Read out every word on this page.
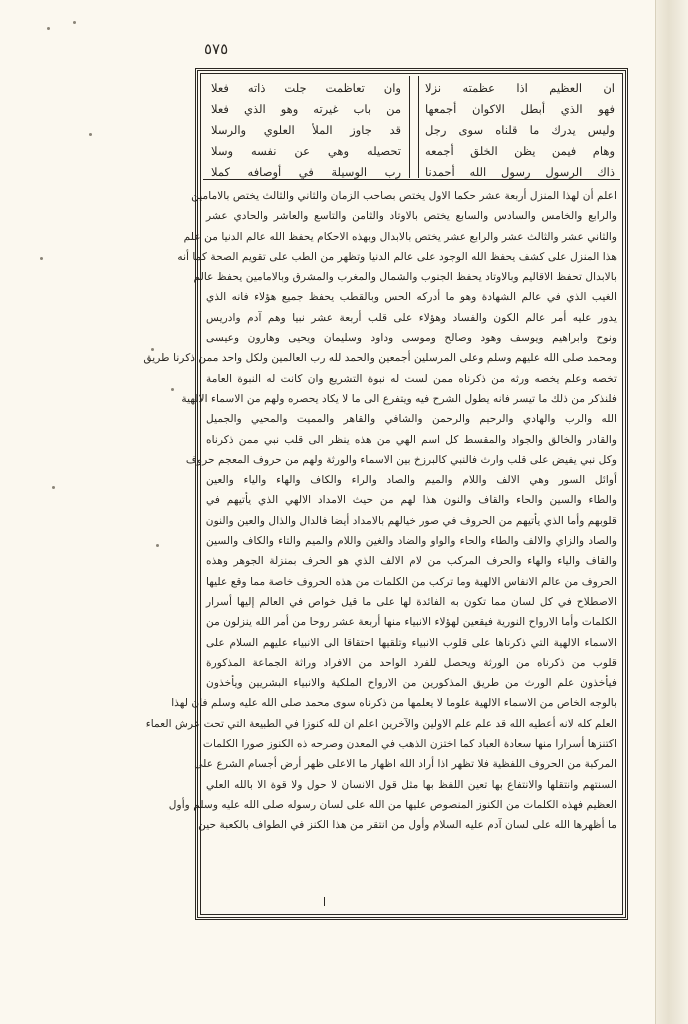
٥٧٥
ان العظيم اذا عظمته نزلا
فهو الذي أبطل الاكوان أجمعها
وليس يدرك ما قلناه سوى رجل
وهام فيمن يظن الخلق أجمعه
ذاك الرسول رسول الله أحمدنا
وان تعاظمت جلت ذاته فعلا
من باب غيرته وهو الذي فعلا
قد جاوز الملأ العلوي والرسلا
تحصيله وهي عن نفسه وسلا
رب الوسيلة في أوصافه كملا

اعلم أن لهذا المنزل أربعة عشر حكما الاول يختص بصاحب الزمان والثاني والثالث يختص بالامامين

والرابع والخامس والسادس والسابع يختص بالاوتاد والثامن والتاسع والعاشر والحادي عشر

والثاني عشر والثالث عشر والرابع عشر يختص بالابدال وبهذه الاحكام يحفظ الله عالم الدنيا من علم

هذا المنزل على كشف يحفظ الله الوجود على عالم الدنيا وتظهر من الطب على تقويم الصحة كما أنه

بالابدال تحفظ الاقاليم وبالاوتاد يحفظ الجنوب والشمال والمغرب والمشرق وبالامامين يحفظ عالم

الغيب الذي في عالم الشهادة وهو ما أدركه الحس وبالقطب يحفظ جميع هؤلاء فانه الذي

يدور عليه أمر عالم الكون والفساد وهؤلاء على قلب أربعة عشر نبيا وهم آدم وادريس

ونوح وابراهيم ويوسف وهود وصالح وموسى وداود وسليمان ويحيى وهارون وعيسى

ومحمد صلى الله عليهم وسلم وعلى المرسلين أجمعين والحمد لله رب العالمين ولكل واحد ممن ذكرنا طريق

تخصه وعلم يخصه ورثه من ذكرناه ممن لست له نبوة التشريع وان كانت له النبوة العامة

فلنذكر من ذلك ما تيسر فانه يطول الشرح فيه ويتفرع الى ما لا يكاد يحصره ولهم من الاسماء الالهية

الله والرب والهادي والرحيم والرحمن والشافي والقاهر والمميت والمحيي والجميل

والقادر والخالق والجواد والمقسط كل اسم الهي من هذه ينظر الى قلب نبي ممن ذكرناه

وكل نبي يفيض على قلب وارث فالنبي كالبرزخ بين الاسماء والورثة ولهم من حروف المعجم حروف

أوائل السور وهي الالف واللام والميم والصاد والراء والكاف والهاء والياء والعين

والطاء والسين والحاء والقاف والنون هذا لهم من حيث الامداد الالهي الذي يأتيهم في

قلوبهم وأما الذي يأتيهم من الحروف في صور خيالهم بالامداد أيضا فالدال والذال والعين والنون

والصاد والزاي والالف والطاء والحاء والواو والضاد والغين واللام والميم والتاء والكاف والسين

والقاف والياء والهاء والحرف المركب من لام الالف الذي هو الحرف بمنزلة الجوهر وهذه

الحروف من عالم الانفاس الالهية وما تركب من الكلمات من هذه الحروف خاصة مما وقع عليها

الاصطلاح في كل لسان مما تكون به الفائدة لها على ما قيل خواص في العالم إليها أسرار

الكلمات وأما الارواح النورية فيقعين لهؤلاء الانبياء منها أربعة عشر روحا من أمر الله ينزلون من

الاسماء الالهية التي ذكرناها على قلوب الانبياء وتلقيها احتقاقا الى الانبياء عليهم السلام على

قلوب من ذكرناه من الورثة ويحصل للفرد الواحد من الافراد وراثة الجماعة المذكورة

فيأخذون علم الورث من طريق المذكورين من الارواح الملكية والانبياء البشريين ويأخذون

بالوجه الخاص من الاسماء الالهية علوما لا يعلمها من ذكرناه سوى محمد صلى الله عليه وسلم فان لهذا

العلم كله لانه أعطيه الله قد علم علم الاولين والآخرين اعلم ان لله كنوزا في الطبيعة التي تحت عرش العماء

اكتنزها أسرارا منها سعادة العباد كما اختزن الذهب في المعدن وصرحه ذه الكنوز صورا الكلمات

المركبة من الحروف اللفظية فلا تظهر اذا أراد الله اظهار ما الاعلى ظهر أرض أجسام الشرع على

السنتهم وانتقلها والانتفاع بها تعين اللفظ بها مثل قول الانسان لا حول ولا قوة الا بالله العلي

العظيم فهذه الكلمات من الكنوز المنصوص عليها من الله على لسان رسوله صلى الله عليه وسلم وأول

ما أظهرها الله على لسان آدم عليه السلام وأول من انتقر من هذا الكنز في الطواف بالكعبة حين
